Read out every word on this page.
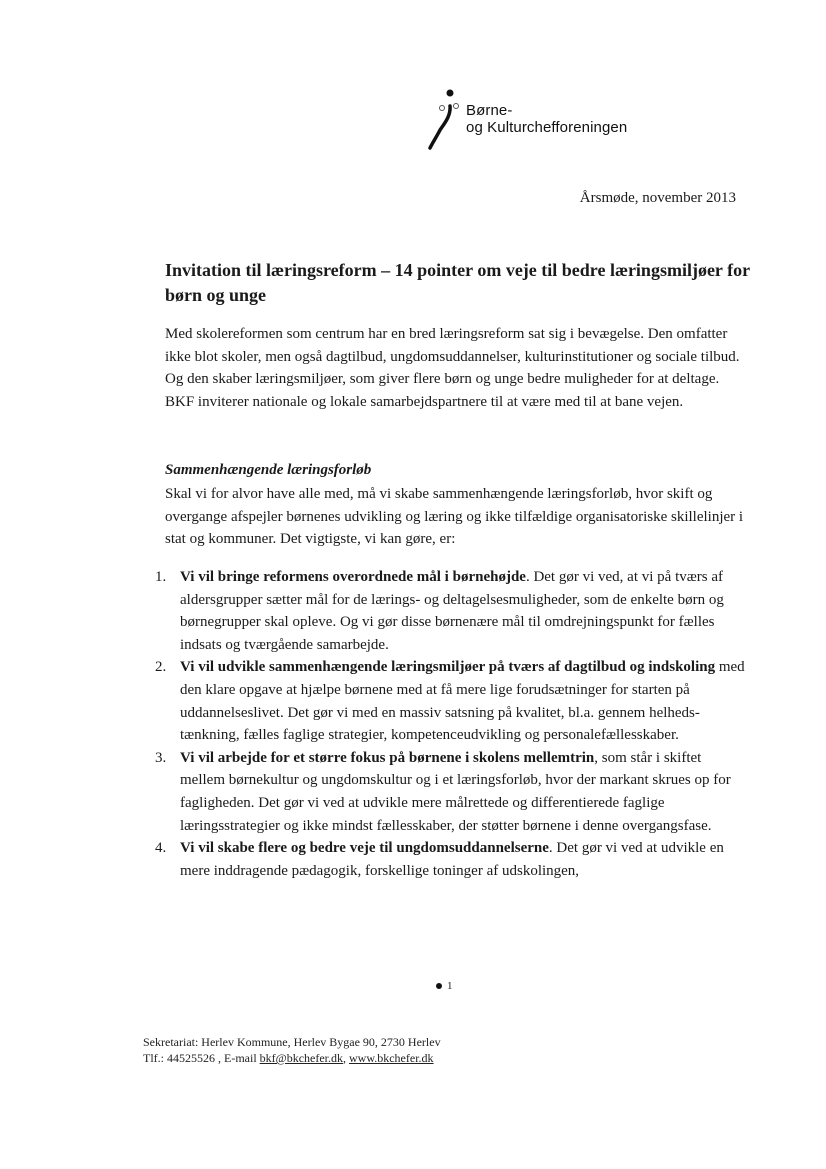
Børne-
og Kulturchefforeningen
Årsmøde, november 2013
Invitation til læringsreform – 14 pointer om veje til bedre læringsmiljøer for børn og unge

Med skolereformen som centrum har en bred læringsreform sat sig i bevægelse. Den omfatter ikke blot skoler, men også dagtilbud, ungdomsuddannelser, kulturinstitutioner og sociale tilbud. Og den skaber læringsmiljøer, som giver flere børn og unge bedre muligheder for at deltage. BKF inviterer nationale og lokale samarbejdspartnere til at være med til at bane vejen.

Sammenhængende læringsforløb

Skal vi for alvor have alle med, må vi skabe sammenhængende læringsforløb, hvor skift og overgange afspejler børnenes udvikling og læring og ikke tilfældige organisatoriske skillelinjer i stat og kommuner. Det vigtigste, vi kan gøre, er:

1. Vi vil bringe reformens overordnede mål i børnehøjde. Det gør vi ved, at vi på tværs af aldersgrupper sætter mål for de lærings- og deltagelsesmuligheder, som de enkelte børn og børnegrupper skal opleve. Og vi gør disse børnenære mål til omdrejningspunkt for fælles indsats og tværgående samarbejde.
2. Vi vil udvikle sammenhængende læringsmiljøer på tværs af dagtilbud og indskoling med den klare opgave at hjælpe børnene med at få mere lige forudsætninger for starten på uddannelseslivet. Det gør vi med en massiv satsning på kvalitet, bl.a. gennem helheds-tænkning, fælles faglige strategier, kompetenceudvikling og personalefællesskaber.
3. Vi vil arbejde for et større fokus på børnene i skolens mellemtrin, som står i skiftet mellem børnekultur og ungdomskultur og i et læringsforløb, hvor der markant skrues op for fagligheden. Det gør vi ved at udvikle mere målrettede og differentierede faglige læringsstrategier og ikke mindst fællesskaber, der støtter børnene i denne overgangsfase.
4. Vi vil skabe flere og bedre veje til ungdomsuddannelserne. Det gør vi ved at udvikle en mere inddragende pædagogik, forskellige toninger af udskolingen,
1
Sekretariat: Herlev Kommune, Herlev Bygae 90, 2730 Herlev
Tlf.: 44525526 , E-mail bkf@bkchefer.dk, www.bkchefer.dk
